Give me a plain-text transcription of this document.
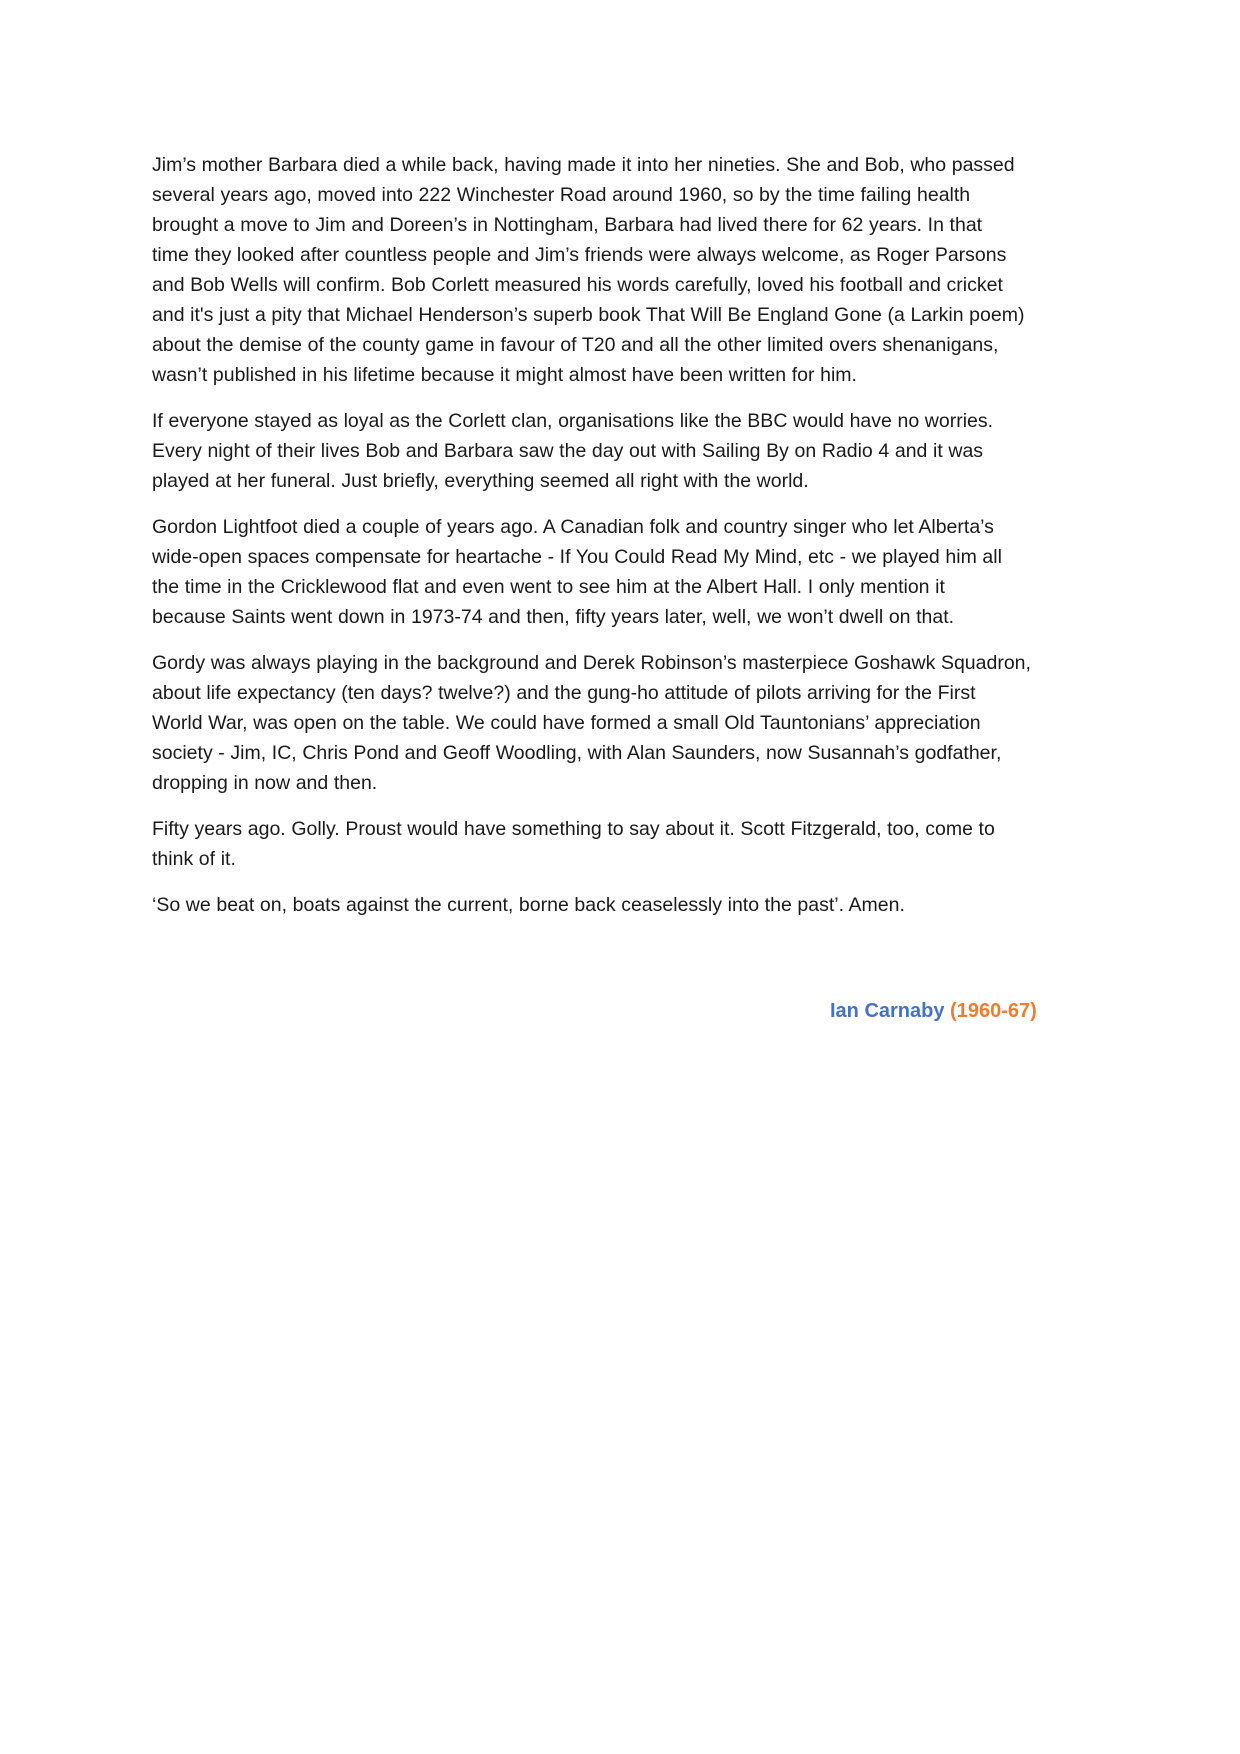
Jim’s mother Barbara died a while back, having made it into her nineties. She and Bob, who passed
several years ago, moved into 222 Winchester Road around 1960, so by the time failing health
brought a move to Jim and Doreen’s in Nottingham, Barbara had lived there for 62 years. In that
time they looked after countless people and Jim’s friends were always welcome, as Roger Parsons
and Bob Wells will confirm. Bob Corlett measured his words carefully, loved his football and cricket
and it's just a pity that Michael Henderson’s superb book That Will Be England Gone (a Larkin poem)
about the demise of the county game in favour of T20 and all the other limited overs shenanigans,
wasn’t published in his lifetime because it might almost have been written for him.

If everyone stayed as loyal as the Corlett clan, organisations like the BBC would have no worries.
Every night of their lives Bob and Barbara saw the day out with Sailing By on Radio 4 and it was
played at her funeral. Just briefly, everything seemed all right with the world.

Gordon Lightfoot died a couple of years ago. A Canadian folk and country singer who let Alberta’s
wide-open spaces compensate for heartache - If You Could Read My Mind, etc - we played him all
the time in the Cricklewood flat and even went to see him at the Albert Hall. I only mention it
because Saints went down in 1973-74 and then, fifty years later, well, we won’t dwell on that.

Gordy was always playing in the background and Derek Robinson’s masterpiece Goshawk Squadron,
about life expectancy (ten days? twelve?) and the gung-ho attitude of pilots arriving for the First
World War, was open on the table. We could have formed a small Old Tauntonians’ appreciation
society - Jim, IC, Chris Pond and Geoff Woodling, with Alan Saunders, now Susannah’s godfather,
dropping in now and then.

Fifty years ago. Golly. Proust would have something to say about it. Scott Fitzgerald, too, come to
think of it.

‘So we beat on, boats against the current, borne back ceaselessly into the past’. Amen.

Ian Carnaby (1960-67)
